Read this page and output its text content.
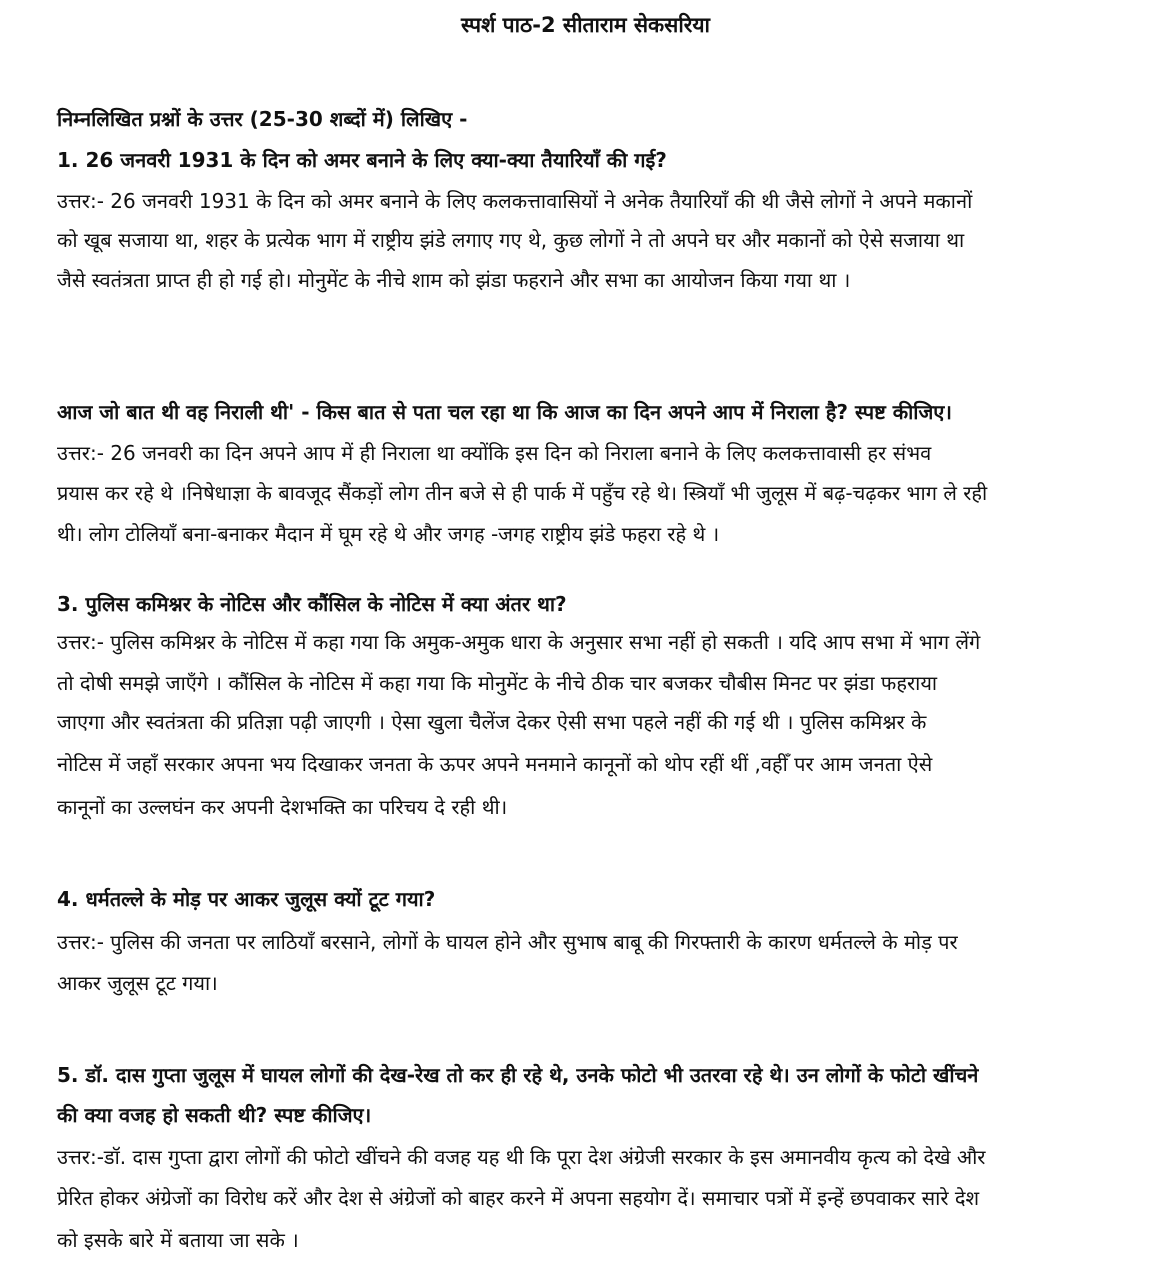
स्पर्श पाठ-2 सीताराम सेकसरिया
निम्नलिखित प्रश्नों के उत्तर (25-30 शब्दों में) लिखिए -
1. 26 जनवरी 1931 के दिन को अमर बनाने के लिए क्या-क्या तैयारियाँ की गई?
उत्तर:- 26 जनवरी 1931 के दिन को अमर बनाने के लिए कलकत्तावासियों ने अनेक तैयारियाँ की थी जैसे लोगों ने अपने मकानों
को खूब सजाया था, शहर के प्रत्येक भाग में राष्ट्रीय झंडे लगाए गए थे, कुछ लोगों ने तो अपने घर और मकानों को ऐसे सजाया था
जैसे स्वतंत्रता प्राप्त ही हो गई हो। मोनुमेंट के नीचे शाम को झंडा फहराने और सभा का आयोजन किया गया था ।
आज जो बात थी वह निराली थी' - किस बात से पता चल रहा था कि आज का दिन अपने आप में निराला है? स्पष्ट कीजिए।
उत्तर:- 26 जनवरी का दिन अपने आप में ही निराला था क्योंकि इस दिन को निराला बनाने के लिए कलकत्तावासी हर संभव
प्रयास कर रहे थे ।निषेधाज्ञा के बावजूद सैंकड़ों लोग तीन बजे से ही पार्क में पहुँच रहे थे। स्त्रियाँ भी जुलूस में बढ़-चढ़कर भाग ले रही
थी। लोग टोलियाँ बना-बनाकर मैदान में घूम रहे थे और जगह -जगह राष्ट्रीय झंडे फहरा रहे थे ।
3. पुलिस कमिश्नर के नोटिस और कौंसिल के नोटिस में क्या अंतर था?
उत्तर:- पुलिस कमिश्नर के नोटिस में कहा गया कि अमुक-अमुक धारा के अनुसार सभा नहीं हो सकती । यदि आप सभा में भाग लेंगे
तो दोषी समझे जाएँगे । कौंसिल के नोटिस में कहा गया कि मोनुमेंट के नीचे ठीक चार बजकर चौबीस मिनट पर झंडा फहराया
जाएगा और स्वतंत्रता की प्रतिज्ञा पढ़ी जाएगी । ऐसा खुला चैलेंज देकर ऐसी सभा पहले नहीं की गई थी । पुलिस कमिश्नर के
नोटिस में जहाँ सरकार अपना भय दिखाकर जनता के ऊपर अपने मनमाने कानूनों को थोप रहीं थीं ,वहीँ पर आम जनता ऐसे
कानूनों का उल्लघंन कर अपनी देशभक्ति का परिचय दे रही थी।
4. धर्मतल्ले के मोड़ पर आकर जुलूस क्यों टूट गया?
उत्तर:- पुलिस की जनता पर लाठियाँ बरसाने, लोगों के घायल होने और सुभाष बाबू की गिरफ्तारी के कारण धर्मतल्ले के मोड़ पर
आकर जुलूस टूट गया।
5. डॉ. दास गुप्ता जुलूस में घायल लोगों की देख-रेख तो कर ही रहे थे, उनके फोटो भी उतरवा रहे थे। उन लोगों के फोटो खींचने
की क्या वजह हो सकती थी? स्पष्ट कीजिए।
उत्तर:-डॉ. दास गुप्ता द्वारा लोगों की फोटो खींचने की वजह यह थी कि पूरा देश अंग्रेजी सरकार के इस अमानवीय कृत्य को देखे और
प्रेरित होकर अंग्रेजों का विरोध करें और देश से अंग्रेजों को बाहर करने में अपना सहयोग दें। समाचार पत्रों में इन्हें छपवाकर सारे देश
को इसके बारे में बताया जा सके ।
